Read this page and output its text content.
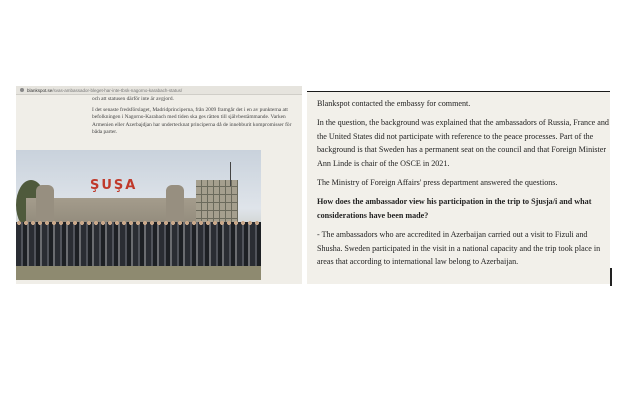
blankspot.se /svas-ambassador-bleget-har-inte-tbsk-nagorno-karabach-status/

och att statusen därför inte är avgjord.

I det senaste fredsförslaget, Madridprinciperna, från 2009 framgår det i en av punkterna att befolkningen i Nagorno-Karabach med tiden ska ges rätten till självbestämmande. Varken Armenien eller Azerbajdjan har undertecknat principerna då de innebburit kompromisser för båda parter.

ŞUŞA

Blankspot contacted the embassy for comment.

In the question, the background was explained that the ambassadors of Russia, France and the United States did not participate with reference to the peace processes. Part of the background is that Sweden has a permanent seat on the council and that Foreign Minister Ann Linde is chair of the OSCE in 2021.

The Ministry of Foreign Affairs' press department answered the questions.

How does the ambassador view his participation in the trip to Sjusja/i and what considerations have been made?

- The ambassadors who are accredited in Azerbaijan carried out a visit to Fizuli and Shusha. Sweden participated in the visit in a national capacity and the trip took place in areas that according to international law belong to Azerbaijan.
